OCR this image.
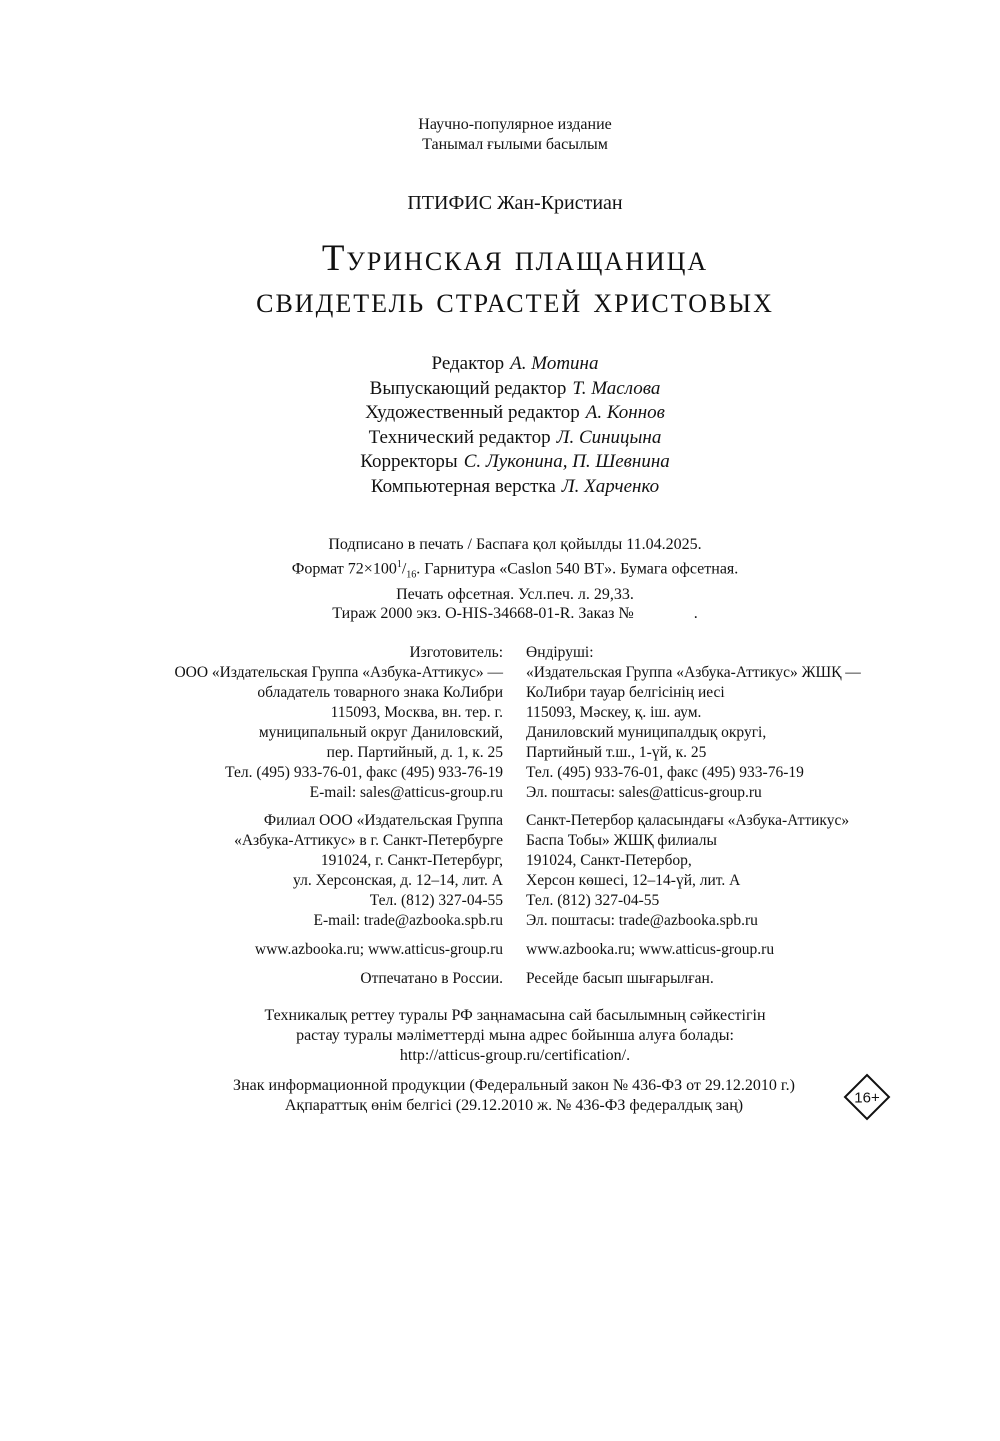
Научно-популярное издание
Танымал ғылыми басылым
ПТИФИС Жан-Кристиан
Туринская плащаница
свидетель страстей христовых
Редактор А. Мотина
Выпускающий редактор Т. Маслова
Художественный редактор А. Коннов
Технический редактор Л. Синицына
Корректоры С. Луконина, П. Шевнина
Компьютерная верстка Л. Харченко
Подписано в печать / Баспаға қол қойылды 11.04.2025.
Формат $72\times 100^1/_{16}$. Гарнитура «Caslon 540 BT». Бумага офсетная.
Печать офсетная. Усл.печ. л. 29,33.
Тираж 2000 экз. O-HIS-34668-01-R. Заказ №	.
Изготовитель:
ООО «Издательская Группа «Азбука-Аттикус» —
обладатель товарного знака КоЛибри
115093, Москва, вн. тер. г.
муниципальный округ Даниловский,
пер. Партийный, д. 1, к. 25
Тел. (495) 933-76-01, факс (495) 933-76-19
E-mail: sales@atticus-group.ru
Филиал ООО «Издательская Группа
«Азбука-Аттикус» в г. Санкт-Петербурге
191024, г. Санкт-Петербург,
ул. Херсонская, д. 12–14, лит. А
Тел. (812) 327-04-55
E-mail: trade@azbooka.spb.ru
www.azbooka.ru; www.atticus-group.ru
Отпечатано в России.
Өндіруші:
«Издательская Группа «Азбука-Аттикус» ЖШҚ —
КоЛибри тауар белгісінің иесі
115093, Мәскеу, қ. іш. аум.
Даниловский муниципалдық округі,
Партийный т.ш., 1-үй, к. 25
Тел. (495) 933-76-01, факс (495) 933-76-19
Эл. поштасы: sales@atticus-group.ru
Санкт-Петербор қаласындағы «Азбука-Аттикус»
Баспа Тобы» ЖШҚ филиалы
191024, Санкт-Петербор,
Херсон көшесі, 12–14-үй, лит. А
Тел. (812) 327-04-55
Эл. поштасы: trade@azbooka.spb.ru
www.azbooka.ru; www.atticus-group.ru
Ресейде басып шығарылған.
Техникалық реттеу туралы РФ заңнамасына сай басылымның сәйкестігін
растау туралы мәліметтерді мына адрес бойынша алуға болады:
http://atticus-group.ru/certification/.
Знак информационной продукции (Федеральный закон № 436-ФЗ от 29.12.2010 г.)
Ақпараттық өнім белгісі (29.12.2010 ж. № 436-ФЗ федералдық заң)	16+
